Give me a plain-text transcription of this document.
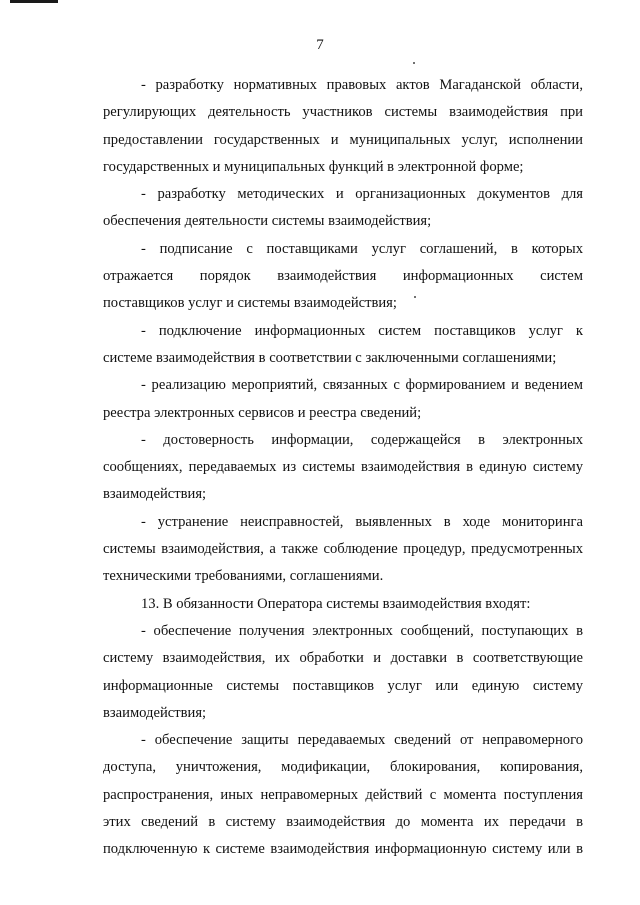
7
- разработку нормативных правовых актов Магаданской области,
регулирующих деятельность участников системы взаимодействия при
предоставлении государственных и муниципальных услуг, исполнении
государственных и муниципальных функций в электронной форме;
- разработку методических и организационных документов для
обеспечения деятельности системы взаимодействия;
- подписание с поставщиками услуг соглашений, в которых
отражается порядок взаимодействия информационных систем
поставщиков услуг и системы взаимодействия;
- подключение информационных систем поставщиков услуг к
системе взаимодействия в соответствии с заключенными соглашениями;
- реализацию мероприятий, связанных с формированием и ведением
реестра электронных сервисов и реестра сведений;
- достоверность информации, содержащейся в электронных
сообщениях, передаваемых из системы взаимодействия в единую систему
взаимодействия;
- устранение неисправностей, выявленных в ходе мониторинга
системы взаимодействия, а также соблюдение процедур, предусмотренных
техническими требованиями, соглашениями.
13. В обязанности Оператора системы взаимодействия входят:
- обеспечение получения электронных сообщений, поступающих в
систему взаимодействия, их обработки и доставки в соответствующие
информационные системы поставщиков услуг или единую систему
взаимодействия;
- обеспечение защиты передаваемых сведений от неправомерного
доступа, уничтожения, модификации, блокирования, копирования,
распространения, иных неправомерных действий с момента поступления
этих сведений в систему взаимодействия до момента их передачи в
подключенную к системе взаимодействия информационную систему или в
